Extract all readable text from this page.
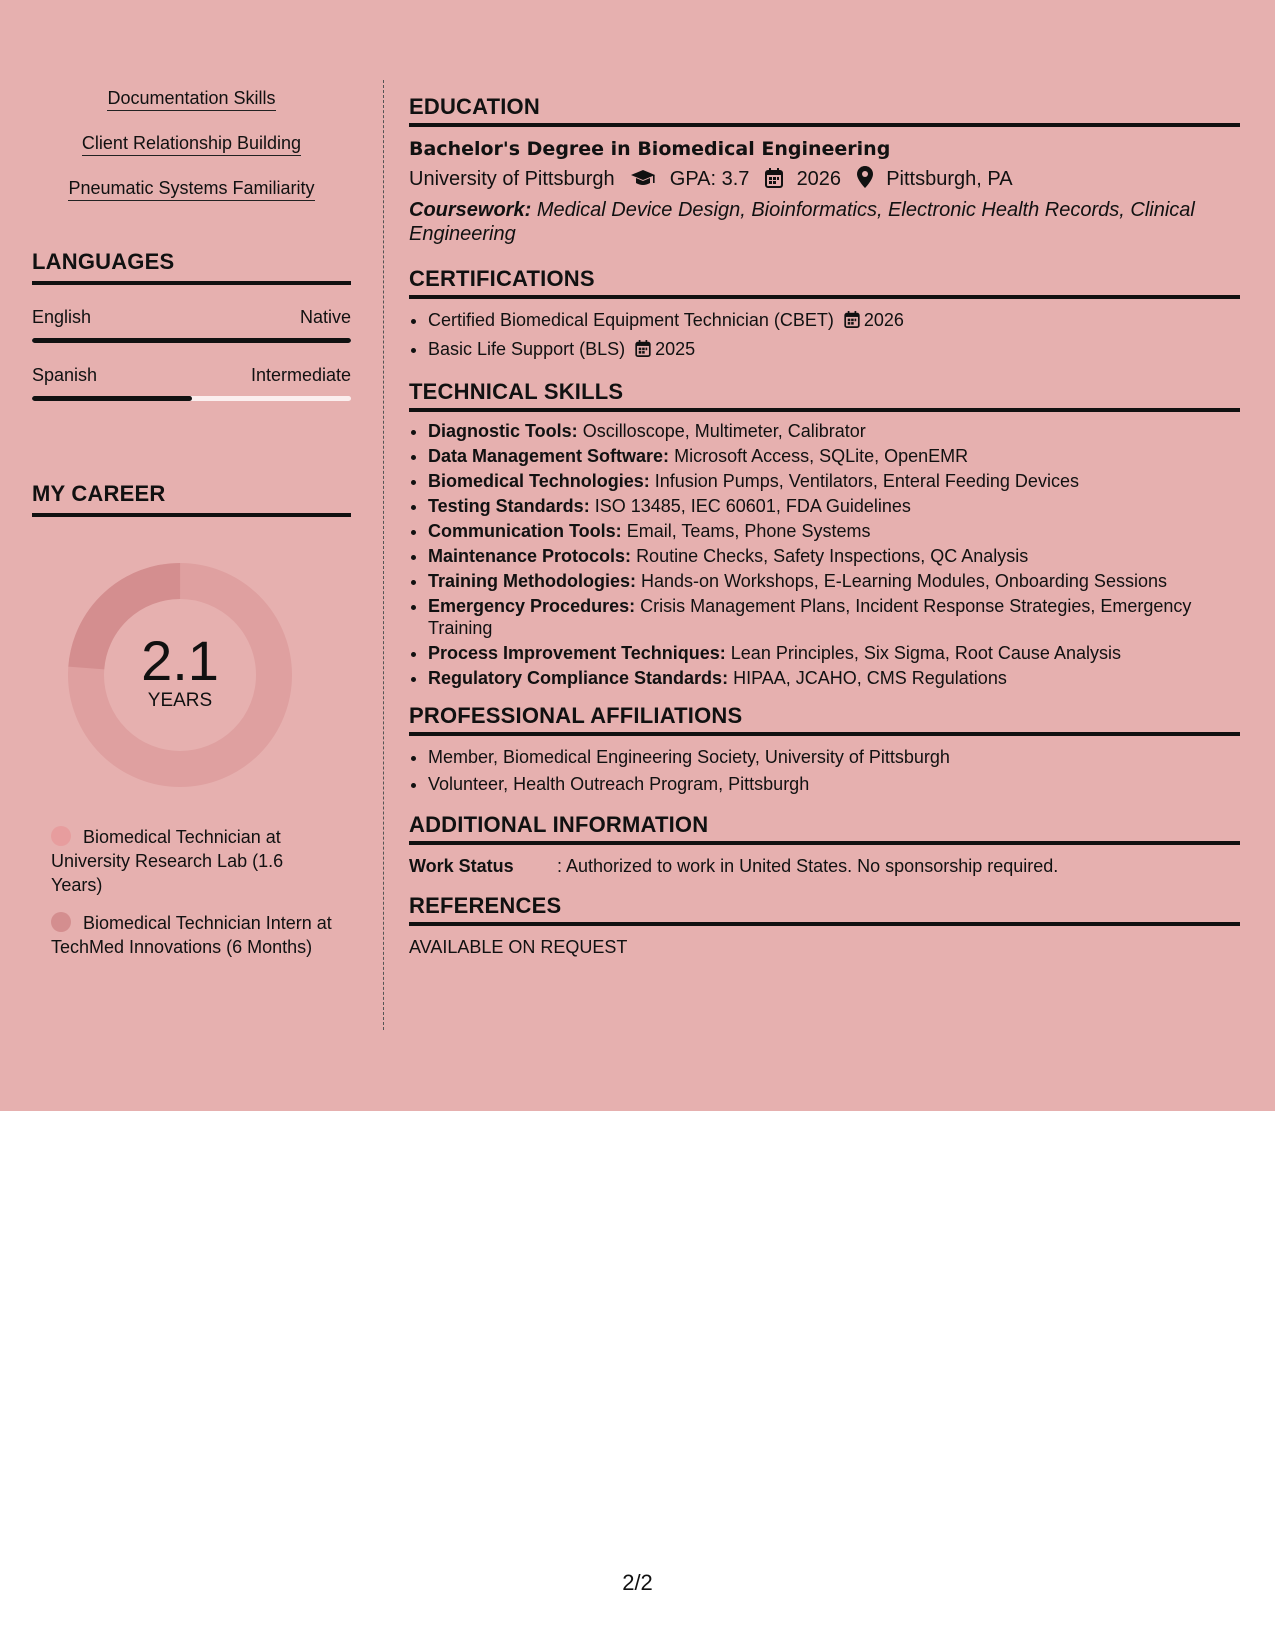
Documentation Skills
Client Relationship Building
Pneumatic Systems Familiarity
LANGUAGES
English	Native
Spanish	Intermediate
MY CAREER
2.1
YEARS
Biomedical Technician at University Research Lab (1.6 Years)
Biomedical Technician Intern at TechMed Innovations (6 Months)
EDUCATION
Bachelor's Degree in Biomedical Engineering
University of Pittsburgh	GPA: 3.7 2026 Pittsburgh, PA
Coursework: Medical Device Design, Bioinformatics, Electronic Health Records, Clinical Engineering
CERTIFICATIONS
• Certified Biomedical Equipment Technician (CBET) 2026
• Basic Life Support (BLS) 2025
TECHNICAL SKILLS
• Diagnostic Tools: Oscilloscope, Multimeter, Calibrator
• Data Management Software: Microsoft Access, SQLite, OpenEMR
• Biomedical Technologies: Infusion Pumps, Ventilators, Enteral Feeding Devices
• Testing Standards: ISO 13485, IEC 60601, FDA Guidelines
• Communication Tools: Email, Teams, Phone Systems
• Maintenance Protocols: Routine Checks, Safety Inspections, QC Analysis
• Training Methodologies: Hands-on Workshops, E-Learning Modules, Onboarding Sessions
• Emergency Procedures: Crisis Management Plans, Incident Response Strategies, Emergency Training
• Process Improvement Techniques: Lean Principles, Six Sigma, Root Cause Analysis
• Regulatory Compliance Standards: HIPAA, JCAHO, CMS Regulations
PROFESSIONAL AFFILIATIONS
• Member, Biomedical Engineering Society, University of Pittsburgh
• Volunteer, Health Outreach Program, Pittsburgh
ADDITIONAL INFORMATION
Work Status : Authorized to work in United States. No sponsorship required.
REFERENCES
AVAILABLE ON REQUEST
2/2
